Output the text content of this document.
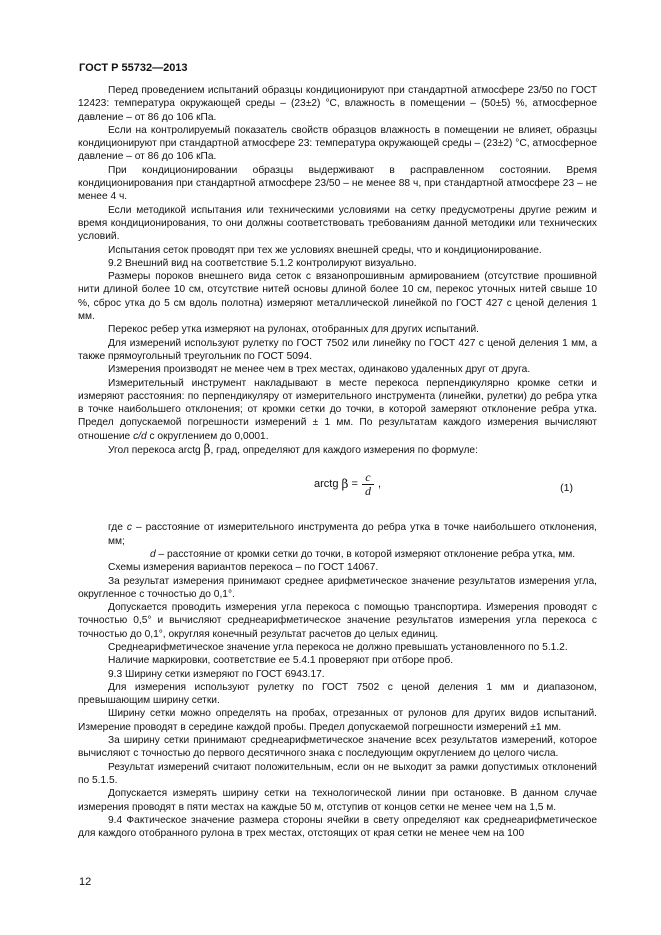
ГОСТ Р 55732—2013

Перед проведением испытаний образцы кондиционируют при стандартной атмосфере 23/50 по ГОСТ 12423: температура окружающей среды – (23±2) °С, влажность в помещении – (50±5) %, атмосферное давление – от 86 до 106 кПа.

Если на контролируемый показатель свойств образцов влажность в помещении не влияет, образцы кондиционируют при стандартной атмосфере 23: температура окружающей среды – (23±2) °С, атмосферное давление – от 86 до 106 кПа.

При кондиционировании образцы выдерживают в расправленном состоянии. Время кондиционирования при стандартной атмосфере 23/50 – не менее 88 ч, при стандартной атмосфере 23 – не менее 4 ч.

Если методикой испытания или техническими условиями на сетку предусмотрены другие режим и время кондиционирования, то они должны соответствовать требованиям данной методики или технических условий.

Испытания сеток проводят при тех же условиях внешней среды, что и кондиционирование.

9.2 Внешний вид на соответствие 5.1.2 контролируют визуально.

Размеры пороков внешнего вида сеток с вязанопрошивным армированием (отсутствие прошивной нити длиной более 10 см, отсутствие нитей основы длиной более 10 см, перекос уточных нитей свыше 10 %, сброс утка до 5 см вдоль полотна) измеряют металлической линейкой по ГОСТ 427 с ценой деления 1 мм.

Перекос ребер утка измеряют на рулонах, отобранных для других испытаний.

Для измерений используют рулетку по ГОСТ 7502 или линейку по ГОСТ 427 с ценой деления 1 мм, а также прямоугольный треугольник по ГОСТ 5094.

Измерения производят не менее чем в трех местах, одинаково удаленных друг от друга.

Измерительный инструмент накладывают в месте перекоса перпендикулярно кромке сетки и измеряют расстояния: по перпендикуляру от измерительного инструмента (линейки, рулетки) до ребра утка в точке наибольшего отклонения; от кромки сетки до точки, в которой замеряют отклонение ребра утка. Предел допускаемой погрешности измерений ± 1 мм. По результатам каждого измерения вычисляют отношение c/d с округлением до 0,0001.

Угол перекоса arctg β, град, определяют для каждого измерения по формуле:

arctg
β
= $\frac{c}{d}$ ,	(1)

где c – расстояние от измерительного инструмента до ребра утка в точке наибольшего отклонения, мм;

d – расстояние от кромки сетки до точки, в которой измеряют отклонение ребра утка, мм.

Схемы измерения вариантов перекоса – по ГОСТ 14067.

За результат измерения принимают среднее арифметическое значение результатов измерения угла, округленное с точностью до 0,1°.

Допускается проводить измерения угла перекоса с помощью транспортира. Измерения проводят с точностью 0,5° и вычисляют среднеарифметическое значение результатов измерения угла перекоса с точностью до 0,1°, округляя конечный результат расчетов до целых единиц.

Среднеарифметическое значение угла перекоса не должно превышать установленного по 5.1.2.

Наличие маркировки, соответствие ее 5.4.1 проверяют при отборе проб.

9.3 Ширину сетки измеряют по ГОСТ 6943.17.

Для измерения используют рулетку по ГОСТ 7502 с ценой деления 1 мм и диапазоном, превышающим ширину сетки.

Ширину сетки можно определять на пробах, отрезанных от рулонов для других видов испытаний. Измерение проводят в середине каждой пробы. Предел допускаемой погрешности измерений ±1 мм.

За ширину сетки принимают среднеарифметическое значение всех результатов измерений, которое вычисляют с точностью до первого десятичного знака с последующим округлением до целого числа.

Результат измерений считают положительным, если он не выходит за рамки допустимых отклонений по 5.1.5.

Допускается измерять ширину сетки на технологической линии при остановке. В данном случае измерения проводят в пяти местах на каждые 50 м, отступив от концов сетки не менее чем на 1,5 м.

9.4 Фактическое значение размера стороны ячейки в свету определяют как среднеарифметическое для каждого отобранного рулона в трех местах, отстоящих от края сетки не менее чем на 100

12
